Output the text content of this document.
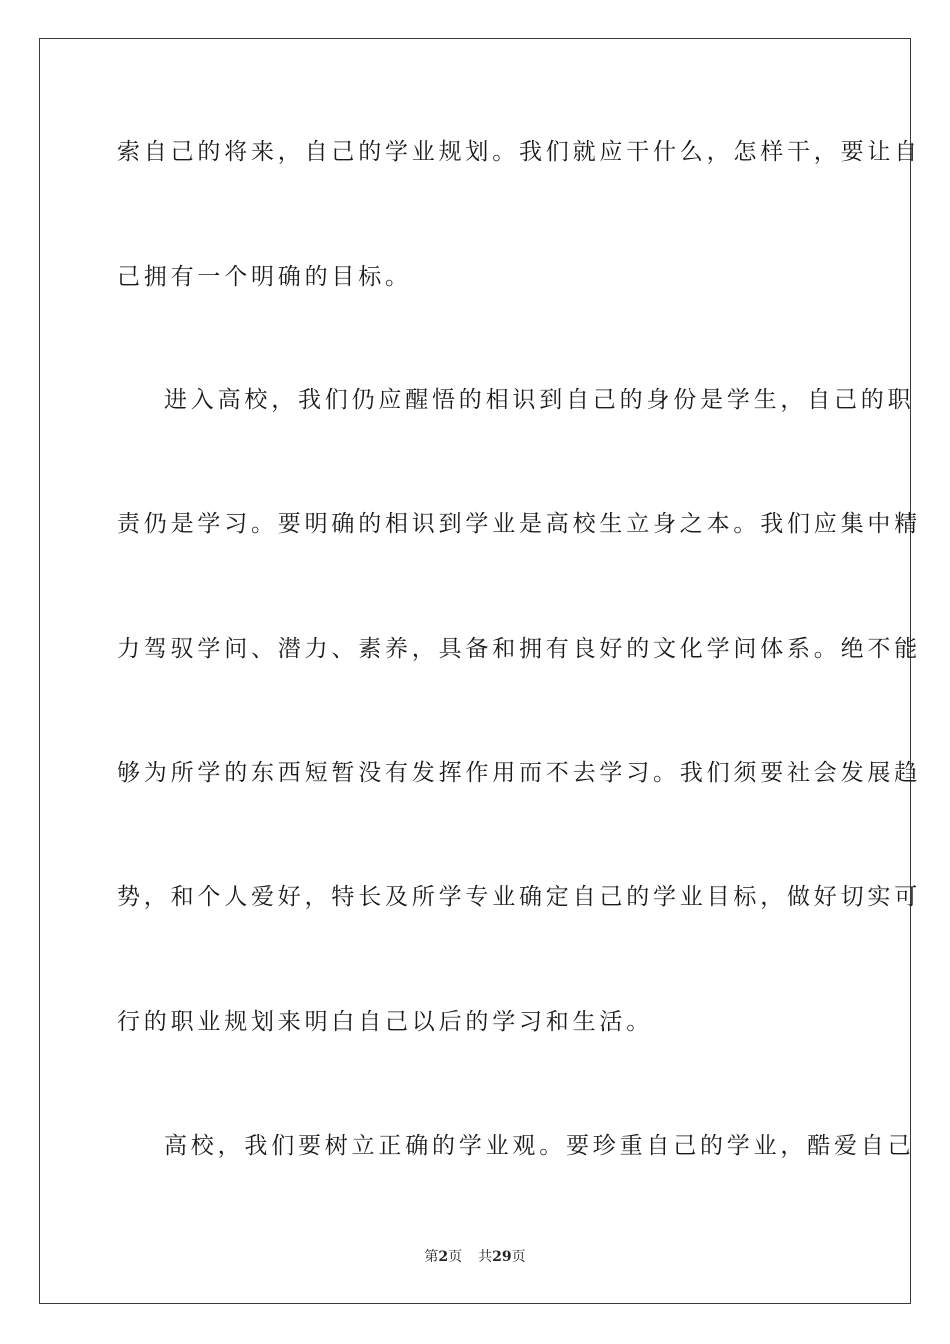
索自己的将来，自己的学业规划。我们就应干什么，怎样干，要让自
己拥有一个明确的目标。
进入高校，我们仍应醒悟的相识到自己的身份是学生，自己的职
责仍是学习。要明确的相识到学业是高校生立身之本。我们应集中精
力驾驭学问、潜力、素养，具备和拥有良好的文化学问体系。绝不能
够为所学的东西短暂没有发挥作用而不去学习。我们须要社会发展趋
势，和个人爱好，特长及所学专业确定自己的学业目标，做好切实可
行的职业规划来明白自己以后的学习和生活。
高校，我们要树立正确的学业观。要珍重自己的学业，酷爱自己
第2页 共29页
